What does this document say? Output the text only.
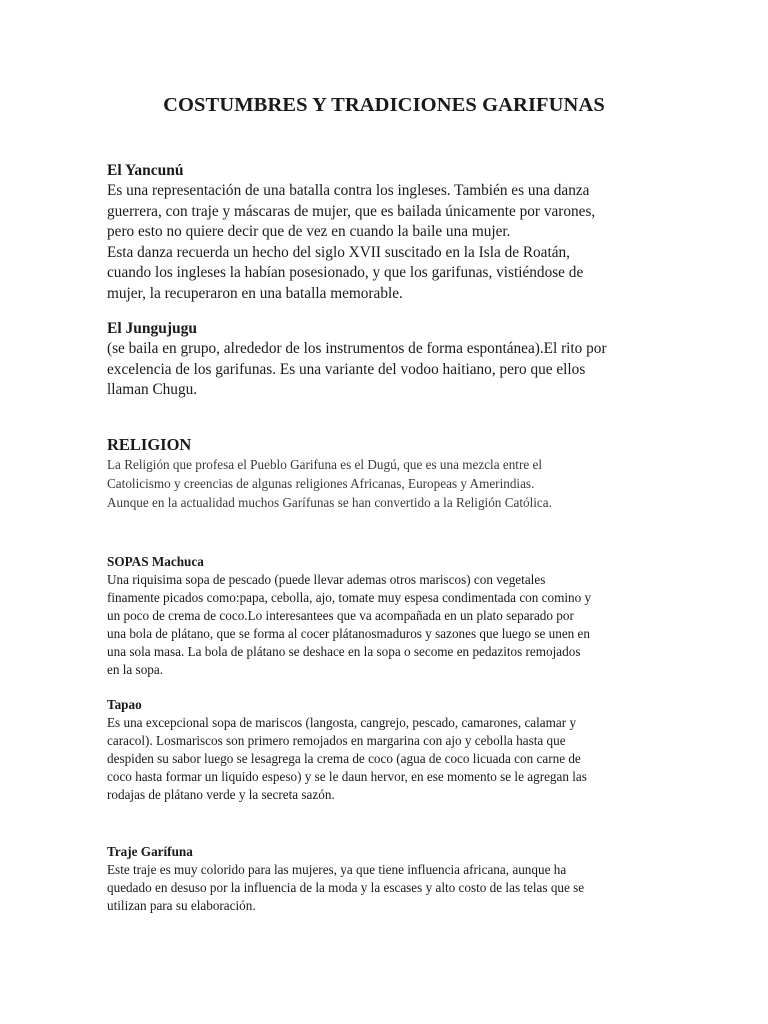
COSTUMBRES Y TRADICIONES GARIFUNAS

El Yancunú

Es una representación de una batalla contra los ingleses. También es una danza
guerrera, con traje y máscaras de mujer, que es bailada únicamente por varones,
pero esto no quiere decir que de vez en cuando la baile una mujer.
Esta danza recuerda un hecho del siglo XVII suscitado en la Isla de Roatán,
cuando los ingleses la habían posesionado, y que los garifunas, vistiéndose de
mujer, la recuperaron en una batalla memorable.

El Jungujugu

(se baila en grupo, alrededor de los instrumentos de forma espontánea).El rito por
excelencia de los garifunas. Es una variante del vodoo haitiano, pero que ellos
llaman Chugu.

RELIGION

La Religión que profesa el Pueblo Garifuna es el Dugú, que es una mezcla entre el
Catolicismo y creencias de algunas religiones Africanas, Europeas y Amerindias.
Aunque en la actualidad muchos Garífunas se han convertido a la Religión Católica.

SOPAS Machuca

Una riquisima sopa de pescado (puede llevar ademas otros mariscos) con vegetales
finamente picados como:papa, cebolla, ajo, tomate muy espesa condimentada con comino y
un poco de crema de coco.Lo interesantees que va acompañada en un plato separado por
una bola de plátano, que se forma al cocer plátanosmaduros y sazones que luego se unen en
una sola masa. La bola de plátano se deshace en la sopa o secome en pedazitos remojados
en la sopa.

Tapao

Es una excepcional sopa de mariscos (langosta, cangrejo, pescado, camarones, calamar y
caracol). Losmariscos son primero remojados en margarina con ajo y cebolla hasta que
despiden su sabor luego se lesagrega la crema de coco (agua de coco licuada con carne de
coco hasta formar un liquido espeso) y se le daun hervor, en ese momento se le agregan las
rodajas de plátano verde y la secreta sazón.

Traje Garífuna

Este traje es muy colorido para las mujeres, ya que tiene influencia africana, aunque ha
quedado en desuso por la influencia de la moda y la escases y alto costo de las telas que se
utilizan para su elaboración.
